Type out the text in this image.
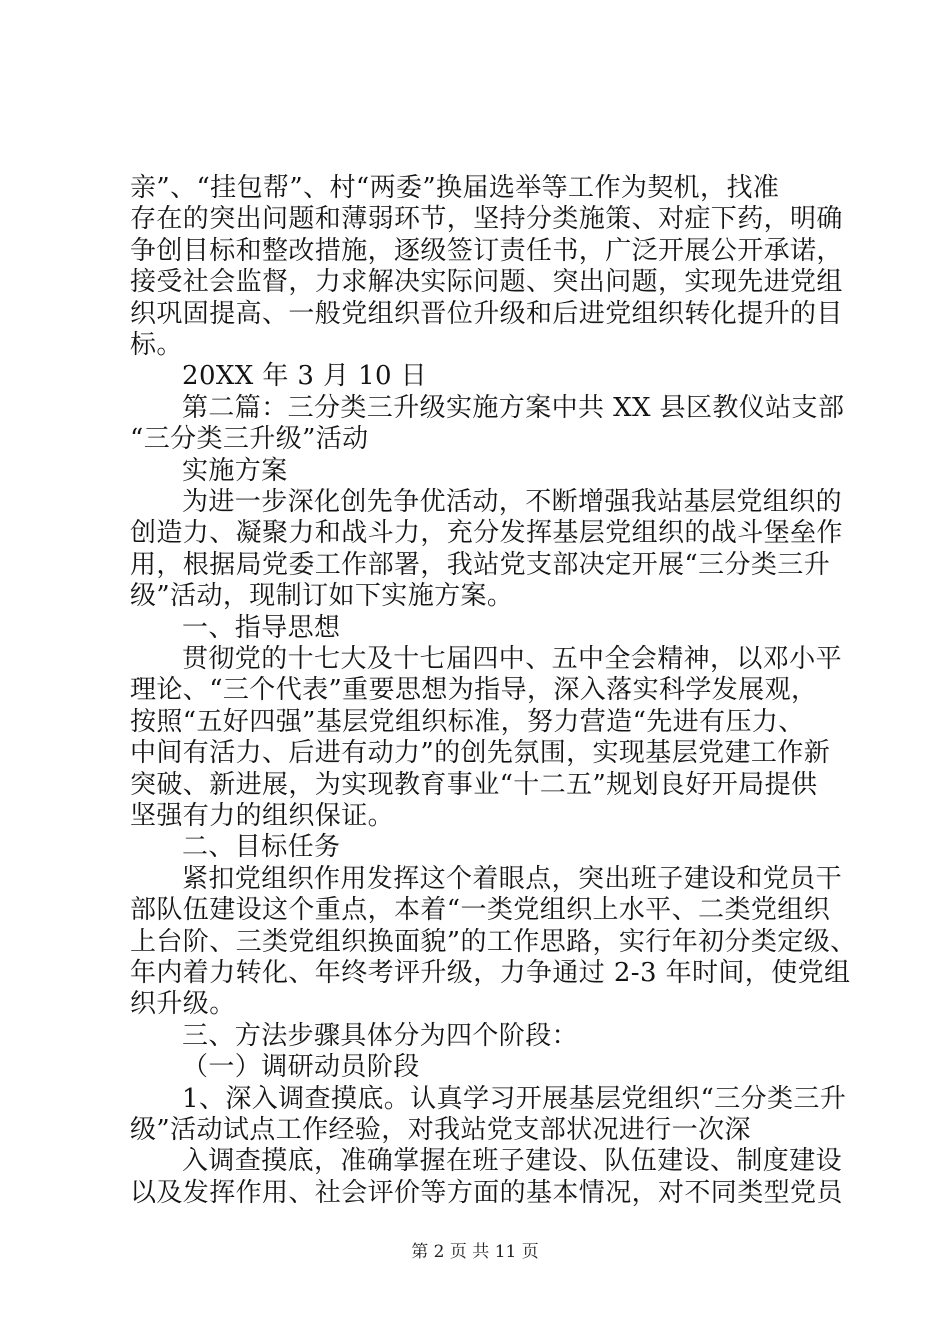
亲”、“挂包帮”、村“两委”换届选举等工作为契机，找准
存在的突出问题和薄弱环节，坚持分类施策、对症下药，明确
争创目标和整改措施，逐级签订责任书，广泛开展公开承诺，
接受社会监督，力求解决实际问题、突出问题，实现先进党组
织巩固提高、一般党组织晋位升级和后进党组织转化提升的目
标。
20XX 年 3 月 10 日
第二篇：三分类三升级实施方案中共 XX 县区教仪站支部
“三分类三升级”活动
实施方案
为进一步深化创先争优活动，不断增强我站基层党组织的
创造力、凝聚力和战斗力，充分发挥基层党组织的战斗堡垒作
用，根据局党委工作部署，我站党支部决定开展“三分类三升
级”活动，现制订如下实施方案。
一、指导思想
贯彻党的十七大及十七届四中、五中全会精神，以邓小平
理论、“三个代表”重要思想为指导，深入落实科学发展观，
按照“五好四强”基层党组织标准，努力营造“先进有压力、
中间有活力、后进有动力”的创先氛围，实现基层党建工作新
突破、新进展，为实现教育事业“十二五”规划良好开局提供
坚强有力的组织保证。
二、目标任务
紧扣党组织作用发挥这个着眼点，突出班子建设和党员干
部队伍建设这个重点，本着“一类党组织上水平、二类党组织
上台阶、三类党组织换面貌”的工作思路，实行年初分类定级、
年内着力转化、年终考评升级，力争通过 2-3 年时间，使党组
织升级。
三、方法步骤具体分为四个阶段：
（一）调研动员阶段
1、深入调查摸底。认真学习开展基层党组织“三分类三升
级”活动试点工作经验，对我站党支部状况进行一次深
入调查摸底，准确掌握在班子建设、队伍建设、制度建设
以及发挥作用、社会评价等方面的基本情况，对不同类型党员
第 2 页 共 11 页
